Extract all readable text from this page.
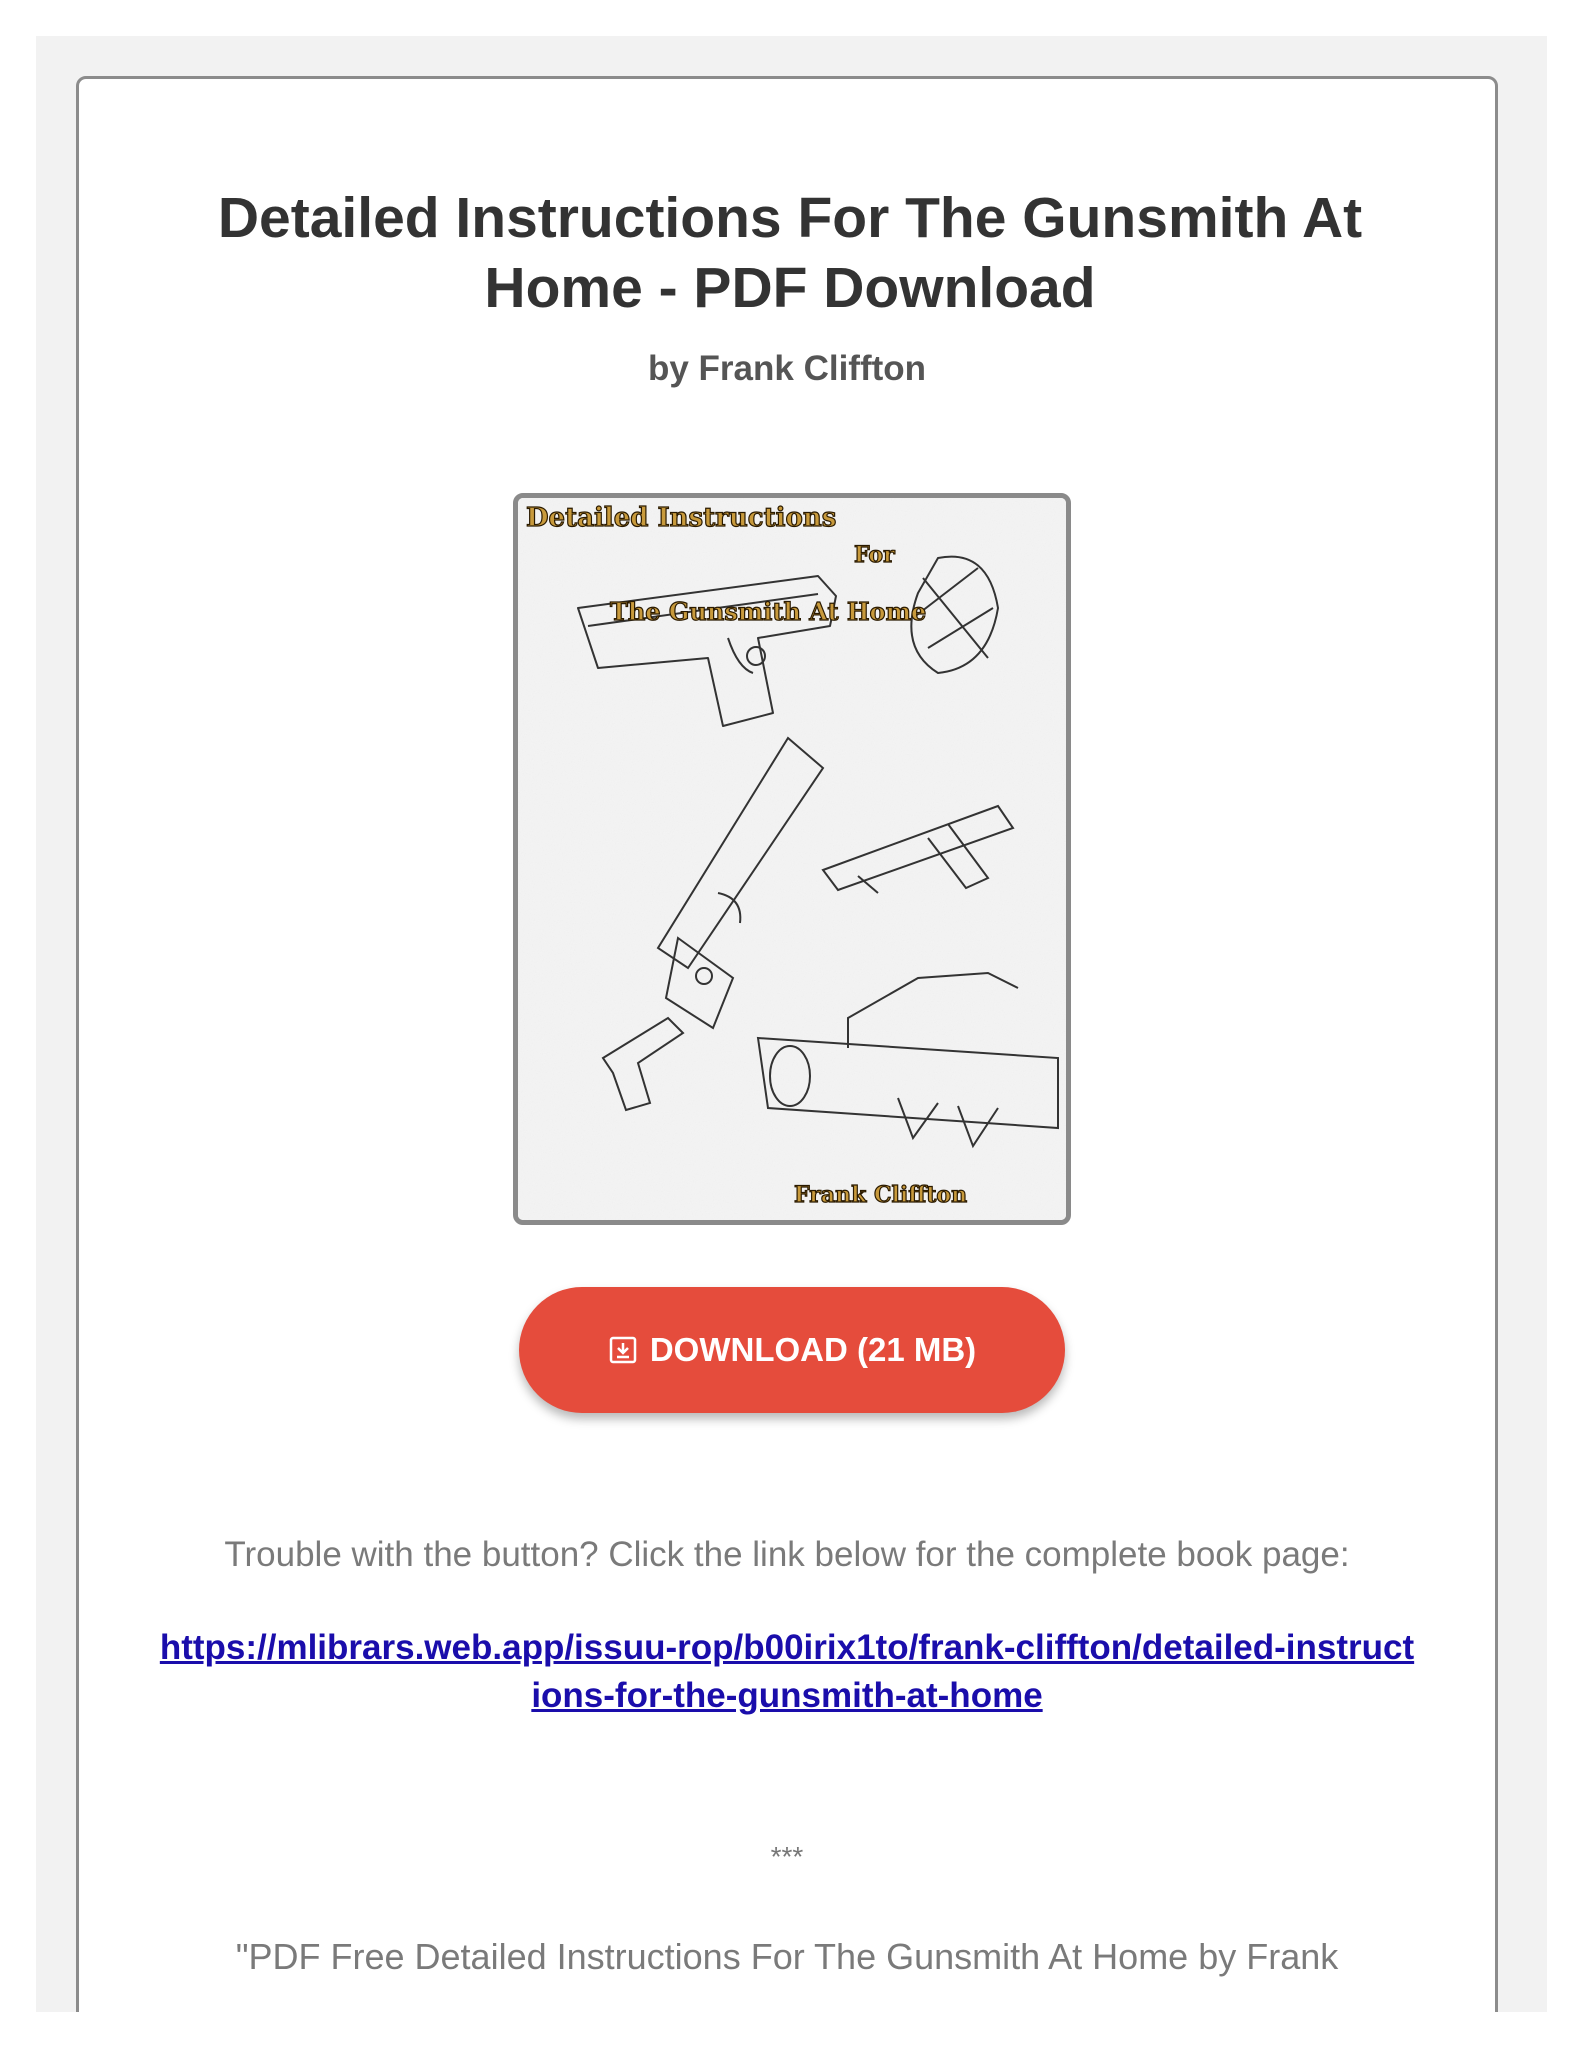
Detailed Instructions For The Gunsmith At Home - PDF Download
by Frank Cliffton
Detailed Instructions
For
The Gunsmith At Home
Frank Cliffton
DOWNLOAD (21 MB)
Trouble with the button? Click the link below for the complete book page:
https://mlibrars.web.app/issuu-rop/b00irix1to/frank-cliffton/detailed-instructions-for-the-gunsmith-at-home
***
"PDF Free Detailed Instructions For The Gunsmith At Home by Frank
